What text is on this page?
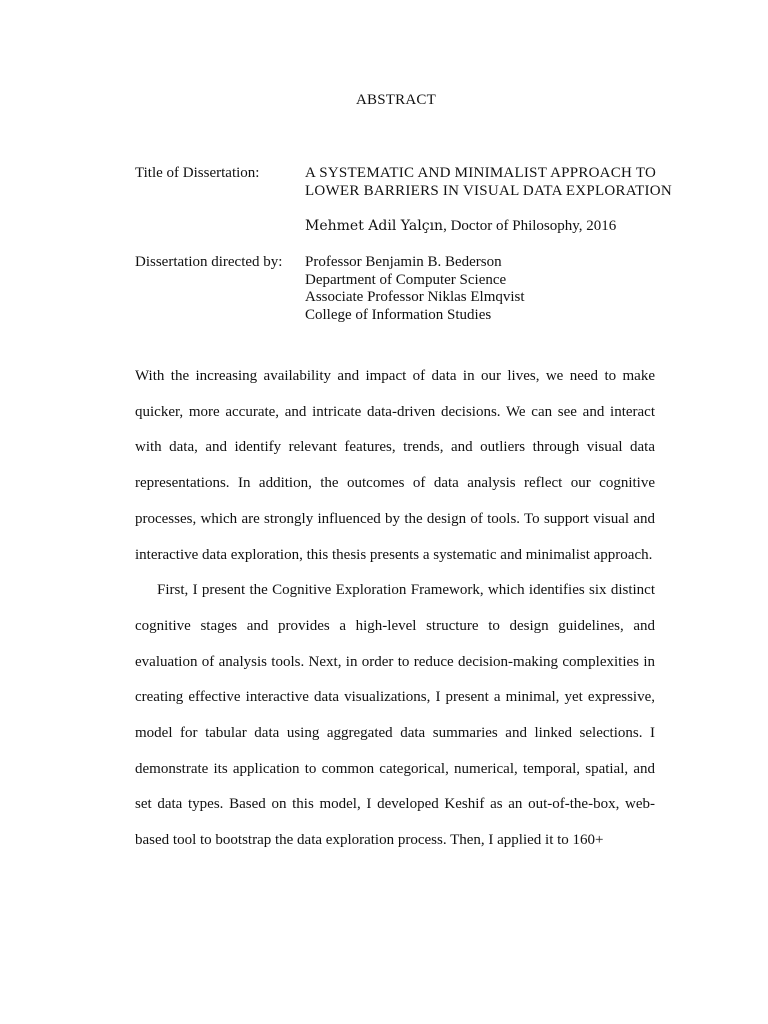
ABSTRACT
Title of Dissertation:	A SYSTEMATIC AND MINIMALIST APPROACH TO
LOWER BARRIERS IN VISUAL DATA EXPLORATION
Mehmet Adil Yalçın, Doctor of Philosophy, 2016
Dissertation directed by: Professor Benjamin B. Bederson
Department of Computer Science
Associate Professor Niklas Elmqvist
College of Information Studies

With the increasing availability and impact of data in our lives, we need to make quicker, more accurate, and intricate data-driven decisions. We can see and interact with data, and identify relevant features, trends, and outliers through visual data representations. In addition, the outcomes of data analysis reflect our cognitive processes, which are strongly influenced by the design of tools. To support visual and interactive data exploration, this thesis presents a systematic and minimalist approach.

First, I present the Cognitive Exploration Framework, which identifies six distinct cognitive stages and provides a high-level structure to design guidelines, and evaluation of analysis tools. Next, in order to reduce decision-making complexities in creating effective interactive data visualizations, I present a minimal, yet expressive, model for tabular data using aggregated data summaries and linked selections. I demonstrate its application to common categorical, numerical, temporal, spatial, and set data types. Based on this model, I developed Keshif as an out-of-the-box, web-based tool to bootstrap the data exploration process. Then, I applied it to 160+
